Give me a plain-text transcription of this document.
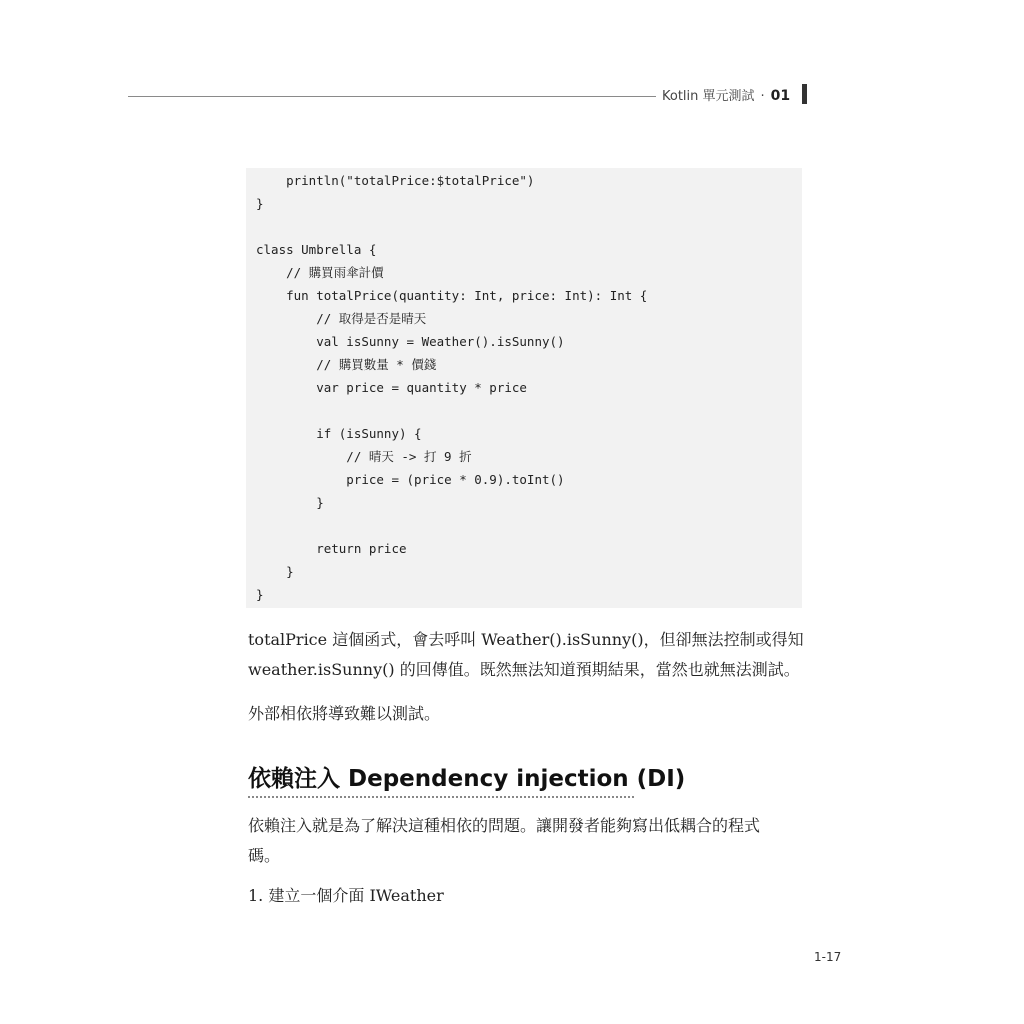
Kotlin 單元測試 ‧ 01
println("totalPrice:$totalPrice")
}
class Umbrella {
// 購買雨傘計價
fun totalPrice(quantity: Int, price: Int): Int {
// 取得是否是晴天
val isSunny = Weather().isSunny()
// 購買數量 * 價錢
var price = quantity * price
if (isSunny) {
// 晴天 -> 打 9 折
price = (price * 0.9).toInt()
}
return price
}
}
totalPrice 這個函式，會去呼叫 Weather().isSunny()，但卻無法控制或得知
weather.isSunny() 的回傳值。既然無法知道預期結果，當然也就無法測試。
外部相依將導致難以測試。
依賴注入 Dependency injection (DI)
依賴注入就是為了解決這種相依的問題。讓開發者能夠寫出低耦合的程式
碼。
1. 建立一個介面 IWeather
1-17
